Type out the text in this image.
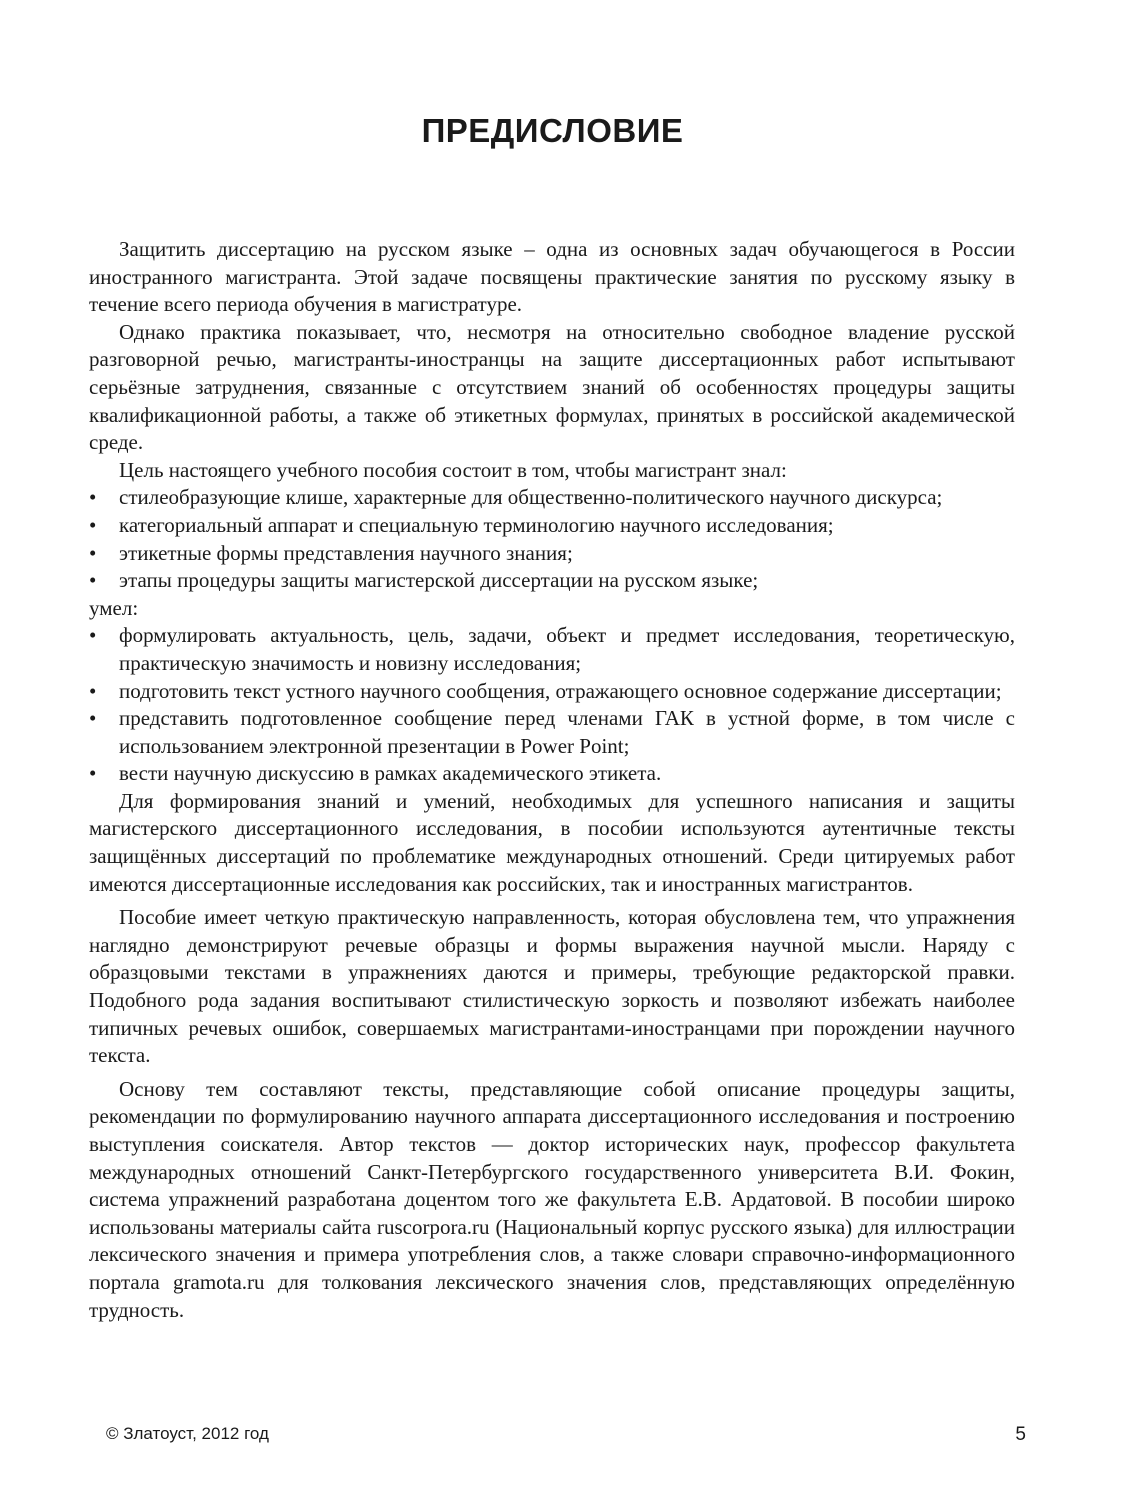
ПРЕДИСЛОВИЕ

Защитить диссертацию на русском языке – одна из основных задач обучающегося в России иностранного магистранта. Этой задаче посвящены практические занятия по русскому языку в течение всего периода обучения в магистратуре.

Однако практика показывает, что, несмотря на относительно свободное владение русской разговорной речью, магистранты-иностранцы на защите диссертационных работ испытывают серьёзные затруднения, связанные с отсутствием знаний об особенностях процедуры защиты квалификационной работы, а также об этикетных формулах, принятых в российской академической среде.

Цель настоящего учебного пособия состоит в том, чтобы магистрант знал:

• стилеобразующие клише, характерные для общественно-политического научного дискурса;
• категориальный аппарат и специальную терминологию научного исследования;
• этикетные формы представления научного знания;
• этапы процедуры защиты магистерской диссертации на русском языке;

умел:

• формулировать актуальность, цель, задачи, объект и предмет исследования, теоретическую, практическую значимость и новизну исследования;
• подготовить текст устного научного сообщения, отражающего основное содержание диссертации;
• представить подготовленное сообщение перед членами ГАК в устной форме, в том числе с использованием электронной презентации в Power Point;
• вести научную дискуссию в рамках академического этикета.

Для формирования знаний и умений, необходимых для успешного написания и защиты магистерского диссертационного исследования, в пособии используются аутентичные тексты защищённых диссертаций по проблематике международных отношений. Среди цитируемых работ имеются диссертационные исследования как российских, так и иностранных магистрантов.

Пособие имеет четкую практическую направленность, которая обусловлена тем, что упражнения наглядно демонстрируют речевые образцы и формы выражения научной мысли. Наряду с образцовыми текстами в упражнениях даются и примеры, требующие редакторской правки. Подобного рода задания воспитывают стилистическую зоркость и позволяют избежать наиболее типичных речевых ошибок, совершаемых магистрантами-иностранцами при порождении научного текста.

Основу тем составляют тексты, представляющие собой описание процедуры защиты, рекомендации по формулированию научного аппарата диссертационного исследования и построению выступления соискателя. Автор текстов — доктор исторических наук, профессор факультета международных отношений Санкт-Петербургского государственного университета В.И. Фокин, система упражнений разработана доцентом того же факультета Е.В. Ардатовой. В пособии широко использованы материалы сайта ruscorpora.ru (Национальный корпус русского языка) для иллюстрации лексического значения и примера употребления слов, а также словари справочно-информационного портала gramota.ru для толкования лексического значения слов, представляющих определённую трудность.

© Златоуст, 2012 год	5
